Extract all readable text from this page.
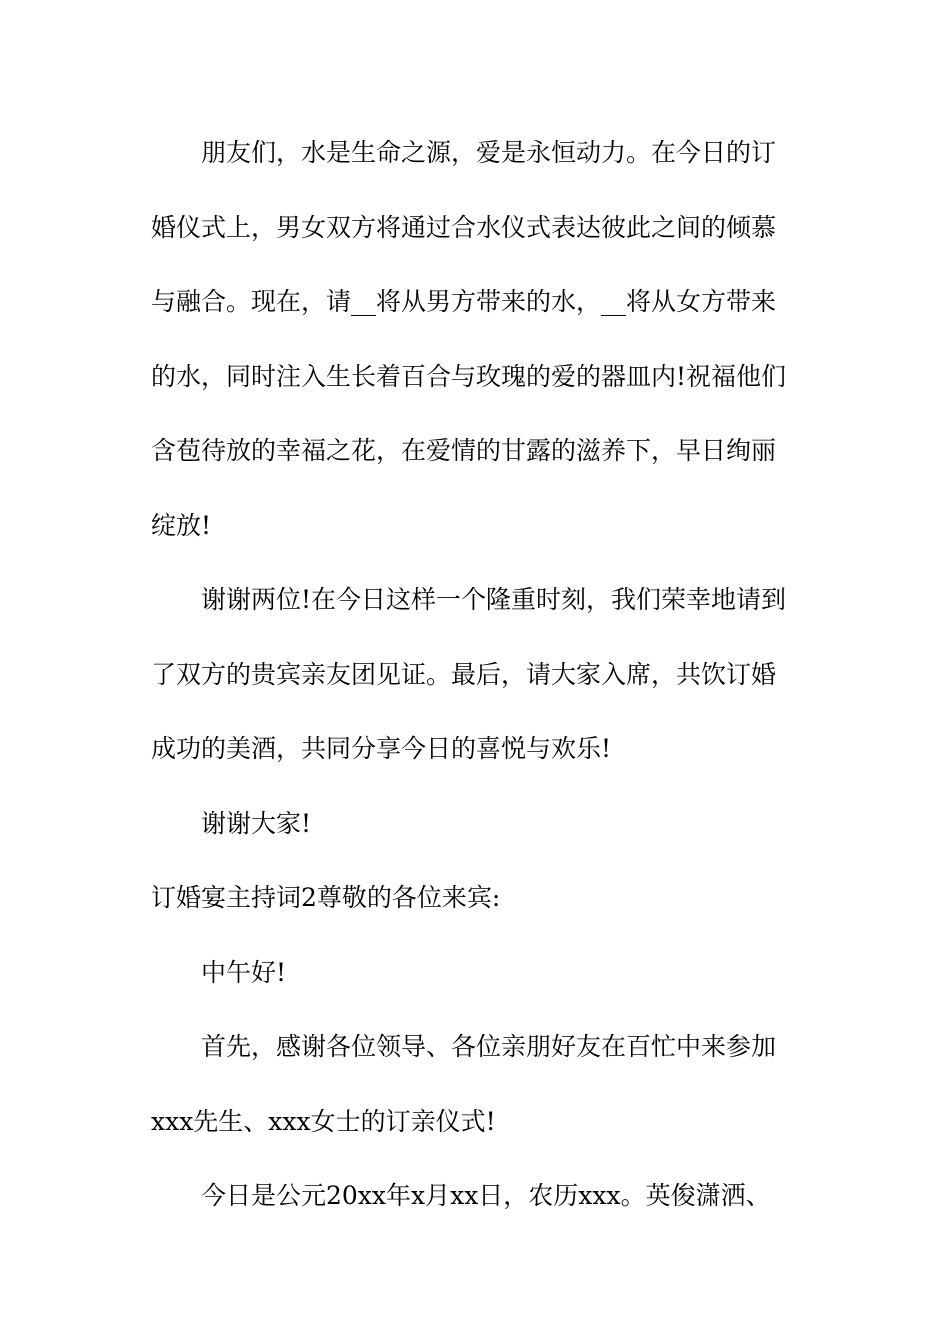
朋友们，水是生命之源，爱是永恒动力。在今日的订
婚仪式上，男女双方将通过合水仪式表达彼此之间的倾慕
与融合。现在，请__将从男方带来的水，__将从女方带来
的水，同时注入生长着百合与玫瑰的爱的器皿内!祝福他们
含苞待放的幸福之花，在爱情的甘露的滋养下，早日绚丽
绽放!
谢谢两位!在今日这样一个隆重时刻，我们荣幸地请到
了双方的贵宾亲友团见证。最后，请大家入席，共饮订婚
成功的美酒，共同分享今日的喜悦与欢乐!
谢谢大家!
订婚宴主持词2尊敬的各位来宾:
中午好!
首先，感谢各位领导、各位亲朋好友在百忙中来参加
xxx先生、xxx女士的订亲仪式!
今日是公元20xx年x月xx日，农历xxx。英俊潇洒、
